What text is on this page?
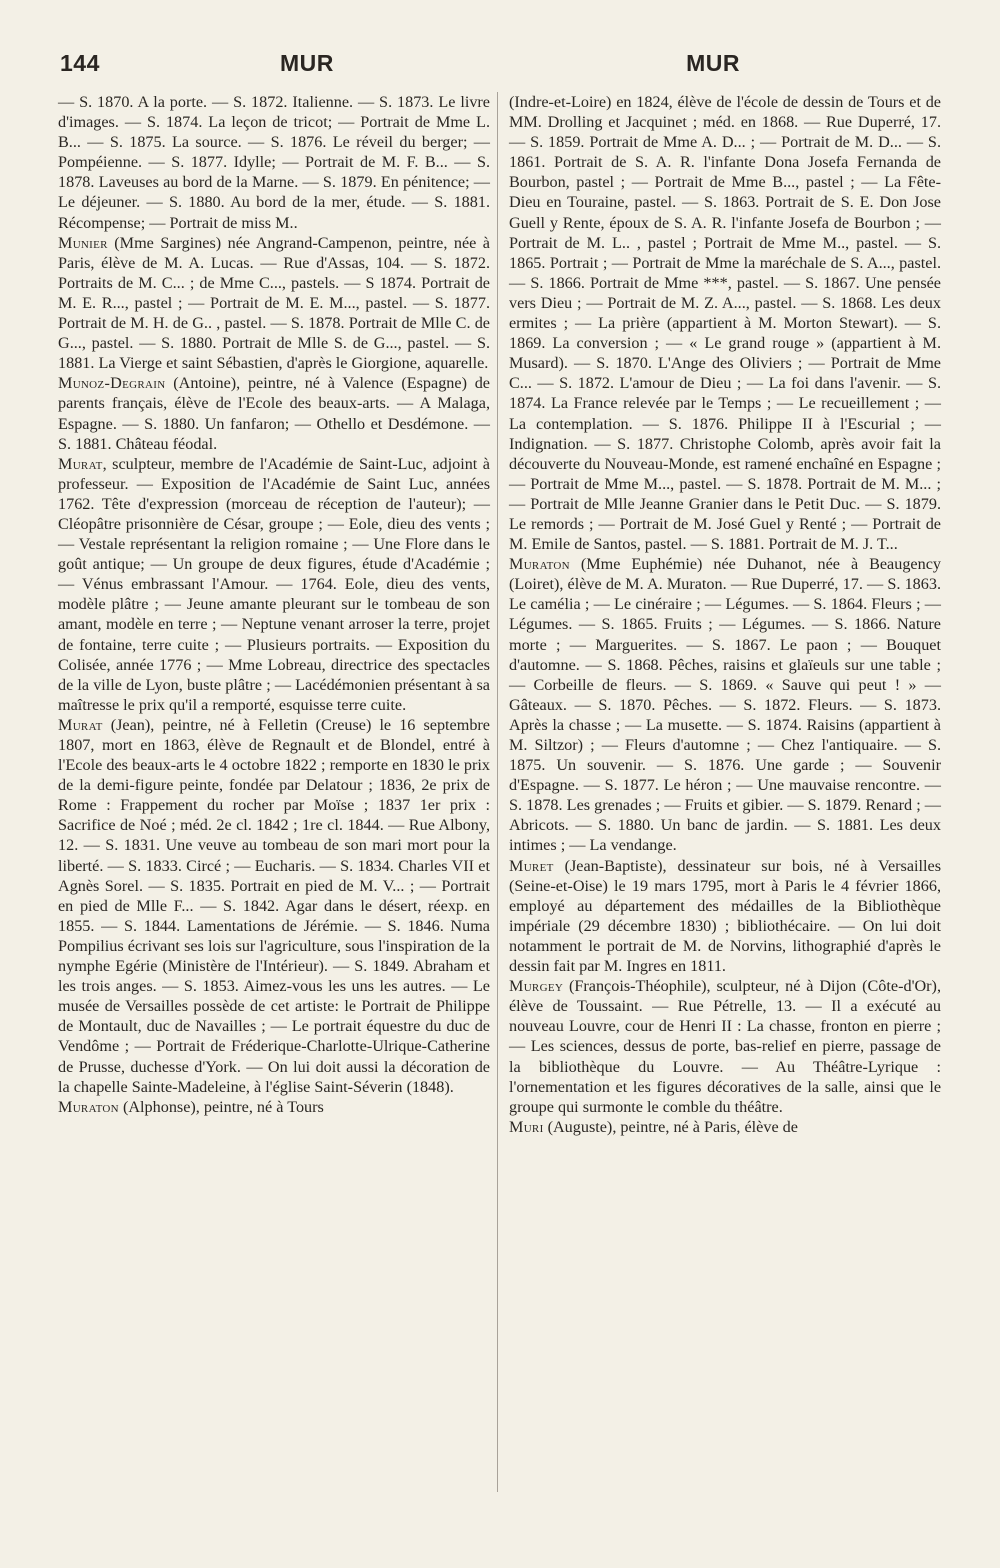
144	MUR	MUR

— S. 1870. A la porte. — S. 1872. Italienne. — S. 1873. Le livre d'images. — S. 1874. La leçon de tricot; — Portrait de Mme L. B... — S. 1875. La source. — S. 1876. Le réveil du berger; — Pompéienne. — S. 1877. Idylle; — Portrait de M. F. B... — S. 1878. Laveuses au bord de la Marne. — S. 1879. En pénitence; — Le déjeuner. — S. 1880. Au bord de la mer, étude. — S. 1881. Récompense; — Portrait de miss M..

Munier (Mme Sargines) née Angrand-Campenon, peintre, née à Paris, élève de M. A. Lucas. — Rue d'Assas, 104. — S. 1872. Portraits de M. C... ; de Mme C..., pastels. — S 1874. Portrait de M. E. R..., pastel ; — Portrait de M. E. M..., pastel. — S. 1877. Portrait de M. H. de G.. , pastel. — S. 1878. Portrait de Mlle C. de G..., pastel. — S. 1880. Portrait de Mlle S. de G..., pastel. — S. 1881. La Vierge et saint Sébastien, d'après le Giorgione, aquarelle.

Munoz-Degrain (Antoine), peintre, né à Valence (Espagne) de parents français, élève de l'Ecole des beaux-arts. — A Malaga, Espagne. — S. 1880. Un fanfaron; — Othello et Desdémone. — S. 1881. Château féodal.

Murat, sculpteur, membre de l'Académie de Saint-Luc, adjoint à professeur. — Exposition de l'Académie de Saint Luc, années 1762. Tête d'expression (morceau de réception de l'auteur); — Cléopâtre prisonnière de César, groupe ; — Eole, dieu des vents ; — Vestale représentant la religion romaine ; — Une Flore dans le goût antique; — Un groupe de deux figures, étude d'Académie ; — Vénus embrassant l'Amour. — 1764. Eole, dieu des vents, modèle plâtre ; — Jeune amante pleurant sur le tombeau de son amant, modèle en terre ; — Neptune venant arroser la terre, projet de fontaine, terre cuite ; — Plusieurs portraits. — Exposition du Colisée, année 1776 ; — Mme Lobreau, directrice des spectacles de la ville de Lyon, buste plâtre ; — Lacédémonien présentant à sa maîtresse le prix qu'il a remporté, esquisse terre cuite.

Murat (Jean), peintre, né à Felletin (Creuse) le 16 septembre 1807, mort en 1863, élève de Regnault et de Blondel, entré à l'Ecole des beaux-arts le 4 octobre 1822 ; remporte en 1830 le prix de la demi-figure peinte, fondée par Delatour ; 1836, 2e prix de Rome : Frappement du rocher par Moïse ; 1837 1er prix : Sacrifice de Noé ; méd. 2e cl. 1842 ; 1re cl. 1844. — Rue Albony, 12. — S. 1831. Une veuve au tombeau de son mari mort pour la liberté. — S. 1833. Circé ; — Eucharis. — S. 1834. Charles VII et Agnès Sorel. — S. 1835. Portrait en pied de M. V... ; — Portrait en pied de Mlle F... — S. 1842. Agar dans le désert, réexp. en 1855. — S. 1844. Lamentations de Jérémie. — S. 1846. Numa Pompilius écrivant ses lois sur l'agriculture, sous l'inspiration de la nymphe Egérie (Ministère de l'Intérieur). — S. 1849. Abraham et les trois anges. — S. 1853. Aimez-vous les uns les autres. — Le musée de Versailles possède de cet artiste: le Portrait de Philippe de Montault, duc de Navailles ; — Le portrait équestre du duc de Vendôme ; — Portrait de Fréderique-Charlotte-Ulrique-Catherine de Prusse, duchesse d'York. — On lui doit aussi la décoration de la chapelle Sainte-Madeleine, à l'église Saint-Séverin (1848).

Muraton (Alphonse), peintre, né à Tours

(Indre-et-Loire) en 1824, élève de l'école de dessin de Tours et de MM. Drolling et Jacquinet ; méd. en 1868. — Rue Duperré, 17. — S. 1859. Portrait de Mme A. D... ; — Portrait de M. D... — S. 1861. Portrait de S. A. R. l'infante Dona Josefa Fernanda de Bourbon, pastel ; — Portrait de Mme B..., pastel ; — La Fête-Dieu en Touraine, pastel. — S. 1863. Portrait de S. E. Don Jose Guell y Rente, époux de S. A. R. l'infante Josefa de Bourbon ; — Portrait de M. L.. , pastel ; Portrait de Mme M.., pastel. — S. 1865. Portrait ; — Portrait de Mme la maréchale de S. A..., pastel. — S. 1866. Portrait de Mme ***, pastel. — S. 1867. Une pensée vers Dieu ; — Portrait de M. Z. A..., pastel. — S. 1868. Les deux ermites ; — La prière (appartient à M. Morton Stewart). — S. 1869. La conversion ; — « Le grand rouge » (appartient à M. Musard). — S. 1870. L'Ange des Oliviers ; — Portrait de Mme C... — S. 1872. L'amour de Dieu ; — La foi dans l'avenir. — S. 1874. La France relevée par le Temps ; — Le recueillement ; — La contemplation. — S. 1876. Philippe II à l'Escurial ; — Indignation. — S. 1877. Christophe Colomb, après avoir fait la découverte du Nouveau-Monde, est ramené enchaîné en Espagne ; — Portrait de Mme M..., pastel. — S. 1878. Portrait de M. M... ; — Portrait de Mlle Jeanne Granier dans le Petit Duc. — S. 1879. Le remords ; — Portrait de M. José Guel y Renté ; — Portrait de M. Emile de Santos, pastel. — S. 1881. Portrait de M. J. T...

Muraton (Mme Euphémie) née Duhanot, née à Beaugency (Loiret), élève de M. A. Muraton. — Rue Duperré, 17. — S. 1863. Le camélia ; — Le cinéraire ; — Légumes. — S. 1864. Fleurs ; — Légumes. — S. 1865. Fruits ; — Légumes. — S. 1866. Nature morte ; — Marguerites. — S. 1867. Le paon ; — Bouquet d'automne. — S. 1868. Pêches, raisins et glaïeuls sur une table ; — Corbeille de fleurs. — S. 1869. « Sauve qui peut ! » — Gâteaux. — S. 1870. Pêches. — S. 1872. Fleurs. — S. 1873. Après la chasse ; — La musette. — S. 1874. Raisins (appartient à M. Siltzor) ; — Fleurs d'automne ; — Chez l'antiquaire. — S. 1875. Un souvenir. — S. 1876. Une garde ; — Souvenir d'Espagne. — S. 1877. Le héron ; — Une mauvaise rencontre. — S. 1878. Les grenades ; — Fruits et gibier. — S. 1879. Renard ; — Abricots. — S. 1880. Un banc de jardin. — S. 1881. Les deux intimes ; — La vendange.

Muret (Jean-Baptiste), dessinateur sur bois, né à Versailles (Seine-et-Oise) le 19 mars 1795, mort à Paris le 4 février 1866, employé au département des médailles de la Bibliothèque impériale (29 décembre 1830) ; bibliothécaire. — On lui doit notamment le portrait de M. de Norvins, lithographié d'après le dessin fait par M. Ingres en 1811.

Murgey (François-Théophile), sculpteur, né à Dijon (Côte-d'Or), élève de Toussaint. — Rue Pétrelle, 13. — Il a exécuté au nouveau Louvre, cour de Henri II : La chasse, fronton en pierre ; — Les sciences, dessus de porte, bas-relief en pierre, passage de la bibliothèque du Louvre. — Au Théâtre-Lyrique : l'ornementation et les figures décoratives de la salle, ainsi que le groupe qui surmonte le comble du théâtre.

Muri (Auguste), peintre, né à Paris, élève de
